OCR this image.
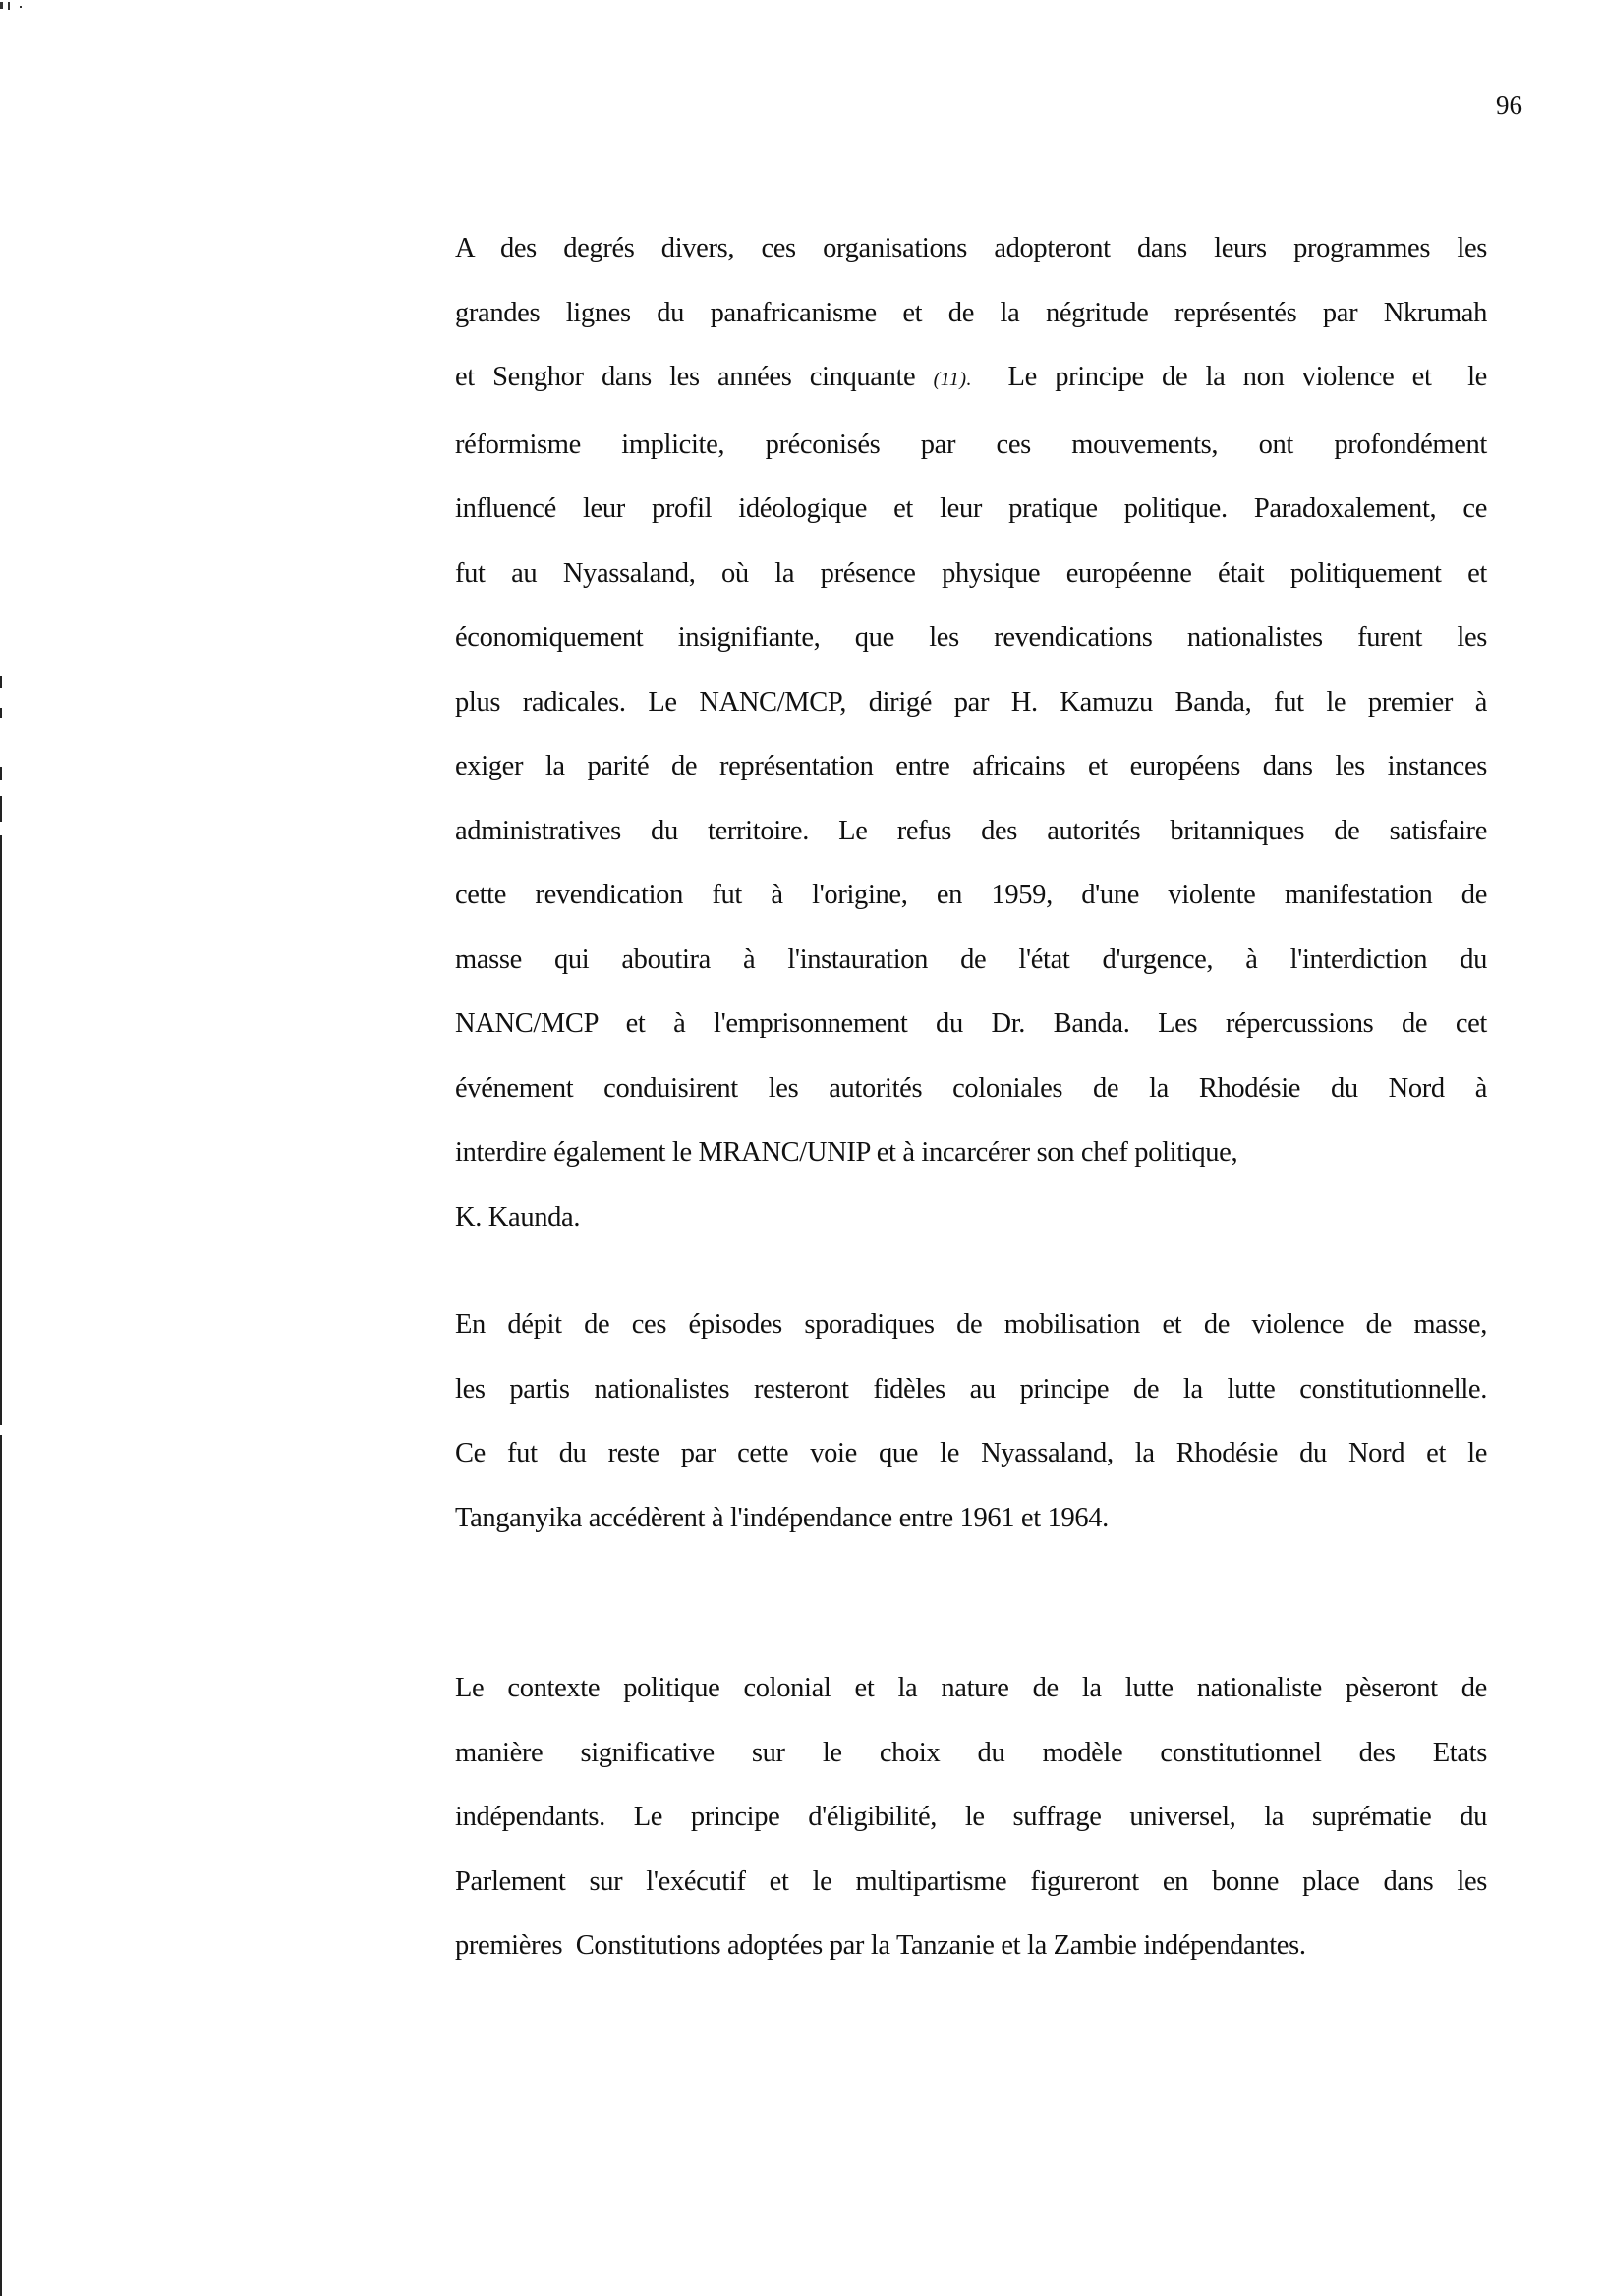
96
A des degrés divers, ces organisations adopteront dans leurs programmes les
grandes lignes du panafricanisme et de la négritude représentés par Nkrumah
et Senghor dans les années cinquante (11).  Le principe de la non violence et  le
réformisme implicite, préconisés par ces mouvements, ont profondément
influencé leur profil idéologique et leur pratique politique. Paradoxalement, ce
fut au Nyassaland, où la présence physique européenne était politiquement et
économiquement insignifiante, que les revendications nationalistes furent les
plus radicales. Le NANC/MCP, dirigé par H. Kamuzu Banda, fut le premier à
exiger la parité de représentation entre africains et européens dans les instances
administratives du territoire. Le refus des autorités britanniques de satisfaire
cette revendication fut à l'origine, en 1959, d'une violente manifestation de
masse qui aboutira à l'instauration de l'état d'urgence, à l'interdiction du
NANC/MCP et à l'emprisonnement du Dr. Banda. Les répercussions de cet
événement conduisirent les autorités coloniales de la Rhodésie du Nord à
interdire également le MRANC/UNIP et à incarcérer son chef politique,
K. Kaunda.
En dépit de ces épisodes sporadiques de mobilisation et de violence de masse,
les partis nationalistes resteront fidèles au principe de la lutte constitutionnelle.
Ce fut du reste par cette voie que le Nyassaland, la Rhodésie du Nord et le
Tanganyika accédèrent à l'indépendance entre 1961 et 1964.
Le contexte politique colonial et la nature de la lutte nationaliste pèseront de
manière significative sur le choix du modèle constitutionnel des Etats
indépendants. Le principe d'éligibilité, le suffrage universel, la suprématie du
Parlement sur l'exécutif et le multipartisme figureront en bonne place dans les
premières  Constitutions adoptées par la Tanzanie et la Zambie indépendantes.
